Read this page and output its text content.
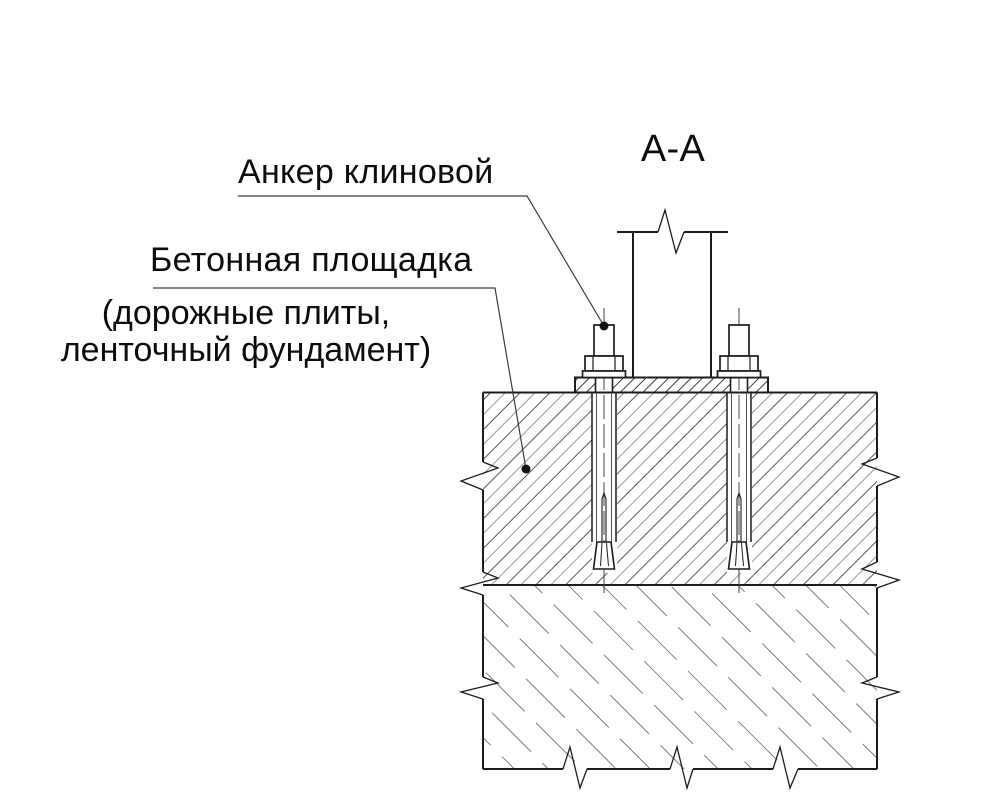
А-А
Анкер клиновой
Бетонная площадка
(дорожные плиты,
ленточный фундамент)
